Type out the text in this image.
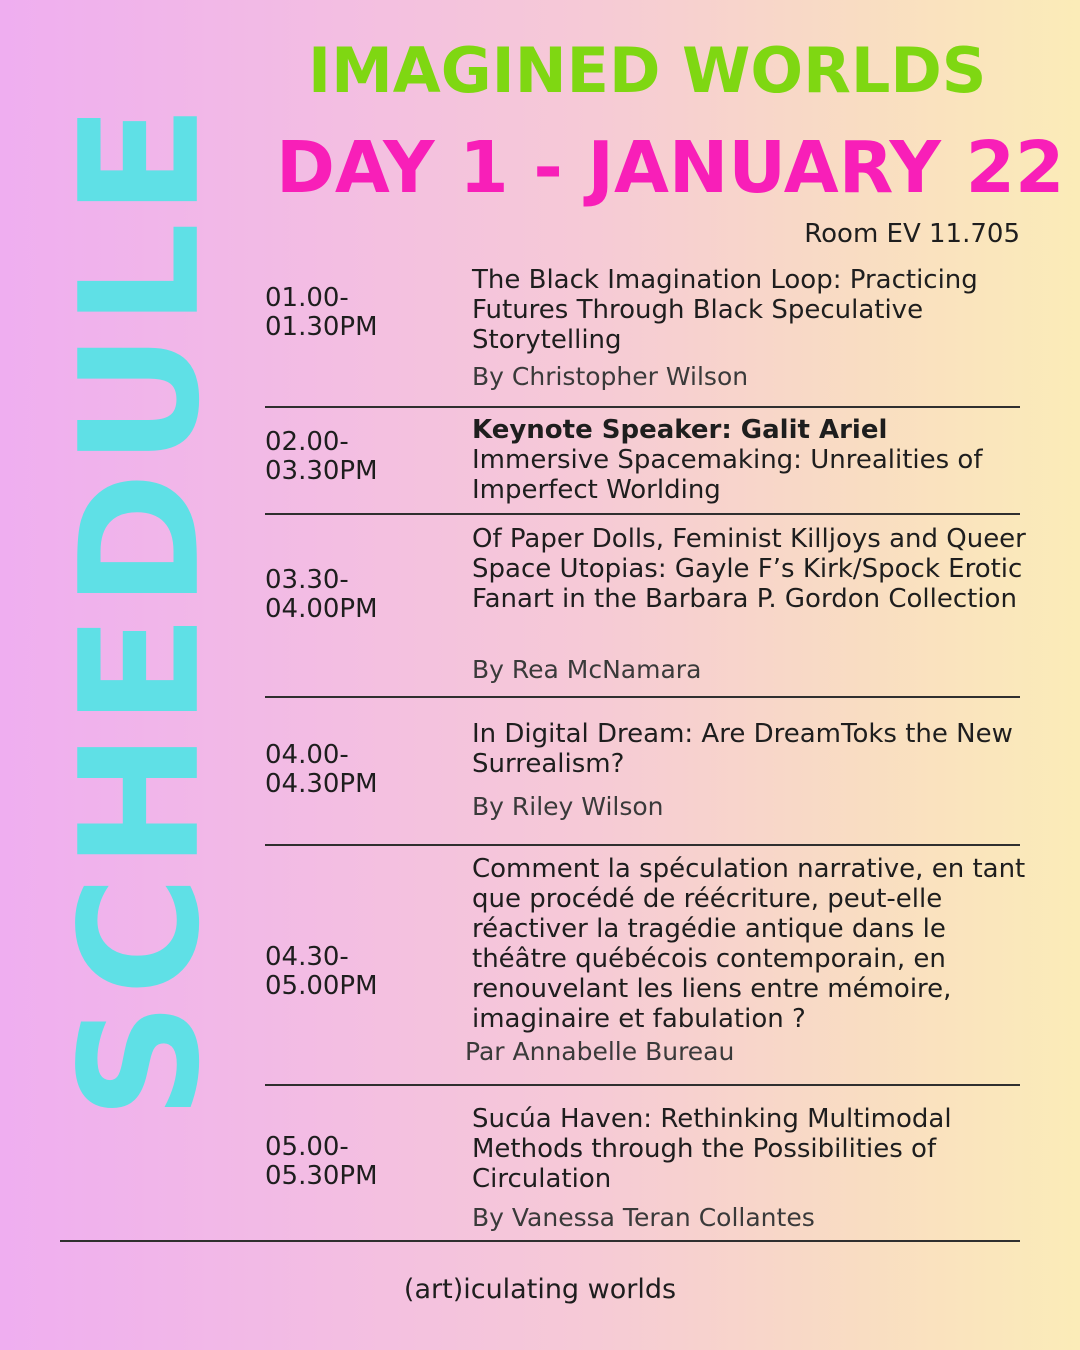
SCHEDULE
IMAGINED WORLDS
DAY 1 - JANUARY 22
Room EV 11.705
01.00-
01.30PM
The Black Imagination Loop: Practicing Futures Through Black Speculative Storytelling
By Christopher Wilson
02.00-
03.30PM
Keynote Speaker: Galit Ariel
Immersive Spacemaking: Unrealities of Imperfect Worlding
03.30-
04.00PM
Of Paper Dolls, Feminist Killjoys and Queer Space Utopias: Gayle F’s Kirk/Spock Erotic Fanart in the Barbara P. Gordon Collection
By Rea McNamara
04.00-
04.30PM
In Digital Dream: Are DreamToks the New Surrealism?
By Riley Wilson
04.30-
05.00PM
Comment la spéculation narrative, en tant que procédé de réécriture, peut-elle réactiver la tragédie antique dans le théâtre québécois contemporain, en renouvelant les liens entre mémoire, imaginaire et fabulation ?
Par Annabelle Bureau
05.00-
05.30PM
Sucúa Haven: Rethinking Multimodal Methods through the Possibilities of Circulation
By Vanessa Teran Collantes
(art)iculating worlds
